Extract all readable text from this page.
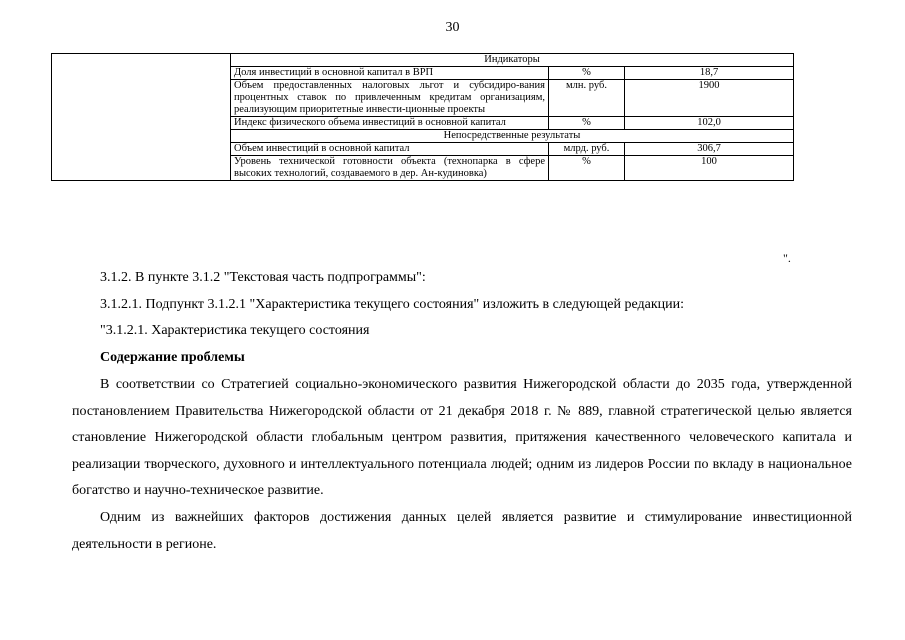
30
	Индикаторы		
	Доля инвестиций в основной капитал в ВРП	%	18,7
	Объем предоставленных налоговых льгот и субсидиро-вания процентных ставок по привлеченным кредитам организациям, реализующим приоритетные инвести-ционные проекты	млн. руб.	1900
	Индекс физического объема инвестиций в основной капитал	%	102,0
	Непосредственные результаты		
	Объем инвестиций в основной капитал	млрд. руб.	306,7
	Уровень технической готовности объекта (технопарка в сфере высоких технологий, создаваемого в дер. Ан-кудиновка)	%	100
".
3.1.2. В пункте 3.1.2 "Текстовая часть подпрограммы":
3.1.2.1. Подпункт 3.1.2.1 "Характеристика текущего состояния" изложить в следующей редакции:
"3.1.2.1. Характеристика текущего состояния
Содержание проблемы
В соответствии со Стратегией социально-экономического развития Нижегородской области до 2035 года, утвержденной постановлением Правительства Нижегородской области от 21 декабря 2018 г. № 889, главной стратегической целью является становление Нижегородской области глобальным центром развития, притяжения качественного человеческого капитала и реализации творческого, духовного и интеллектуального потенциала людей; одним из лидеров России по вкладу в национальное богатство и научно-техническое развитие.
Одним из важнейших факторов достижения данных целей является развитие и стимулирование инвестиционной деятельности в регионе.
